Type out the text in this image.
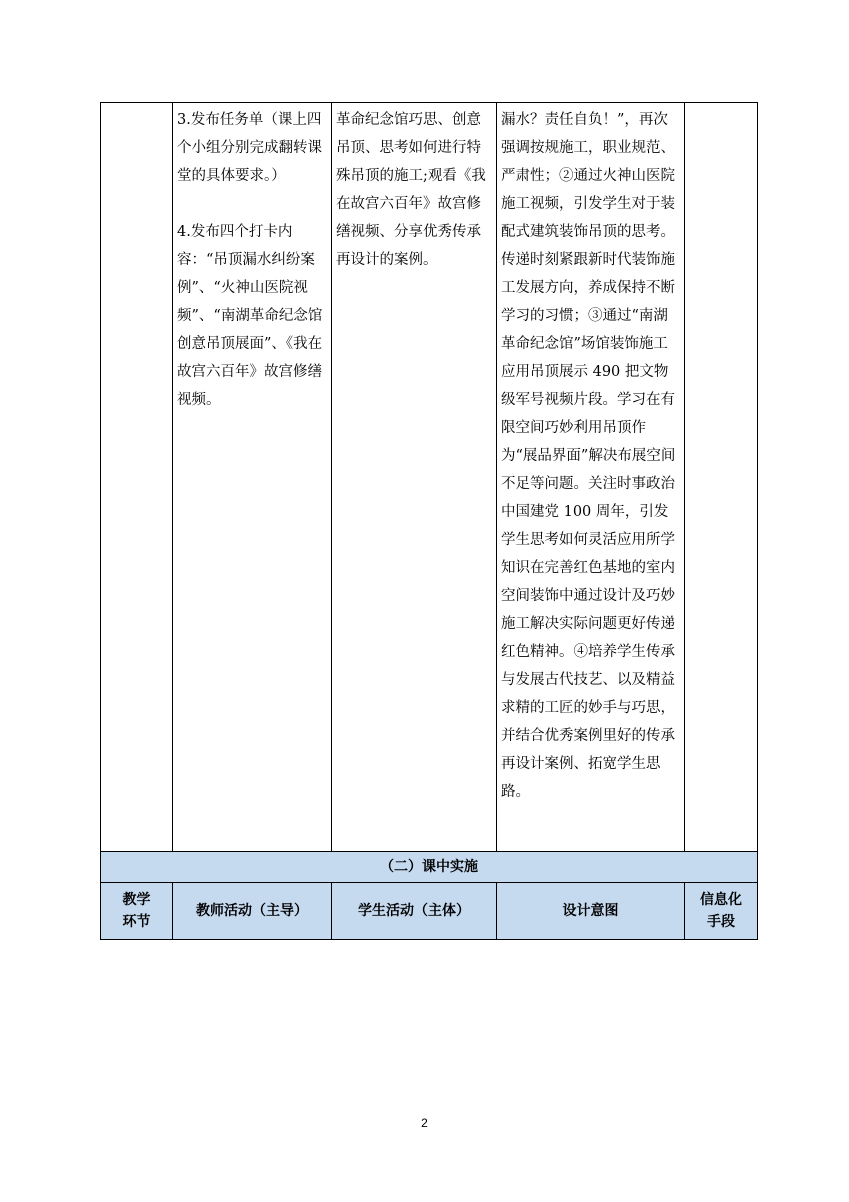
	3.发布任务单（课上四个小组分别完成翻转课堂的具体要求。）

4.发布四个打卡内容：“吊顶漏水纠纷案例”、“火神山医院视频”、“南湖革命纪念馆创意吊顶展面”、《我在故宫六百年》故宫修缮视频。	革命纪念馆巧思、创意吊顶、思考如何进行特殊吊顶的施工;观看《我在故宫六百年》故宫修缮视频、分享优秀传承再设计的案例。	漏水？责任自负！”，再次强调按规施工，职业规范、严肃性；②通过火神山医院施工视频，引发学生对于装配式建筑装饰吊顶的思考。传递时刻紧跟新时代装饰施工发展方向，养成保持不断学习的习惯；③通过“南湖革命纪念馆”场馆装饰施工应用吊顶展示 490 把文物级军号视频片段。学习在有限空间巧妙利用吊顶作为“展品界面”解决布展空间不足等问题。关注时事政治中国建党 100 周年，引发学生思考如何灵活应用所学知识在完善红色基地的室内空间装饰中通过设计及巧妙施工解决实际问题更好传递红色精神。④培养学生传承与发展古代技艺、以及精益求精的工匠的妙手与巧思，并结合优秀案例里好的传承再设计案例、拓宽学生思路。	

（二）课中实施				

教学
环节	教师活动（主导）	学生活动（主体）	设计意图	信息化
手段
2
